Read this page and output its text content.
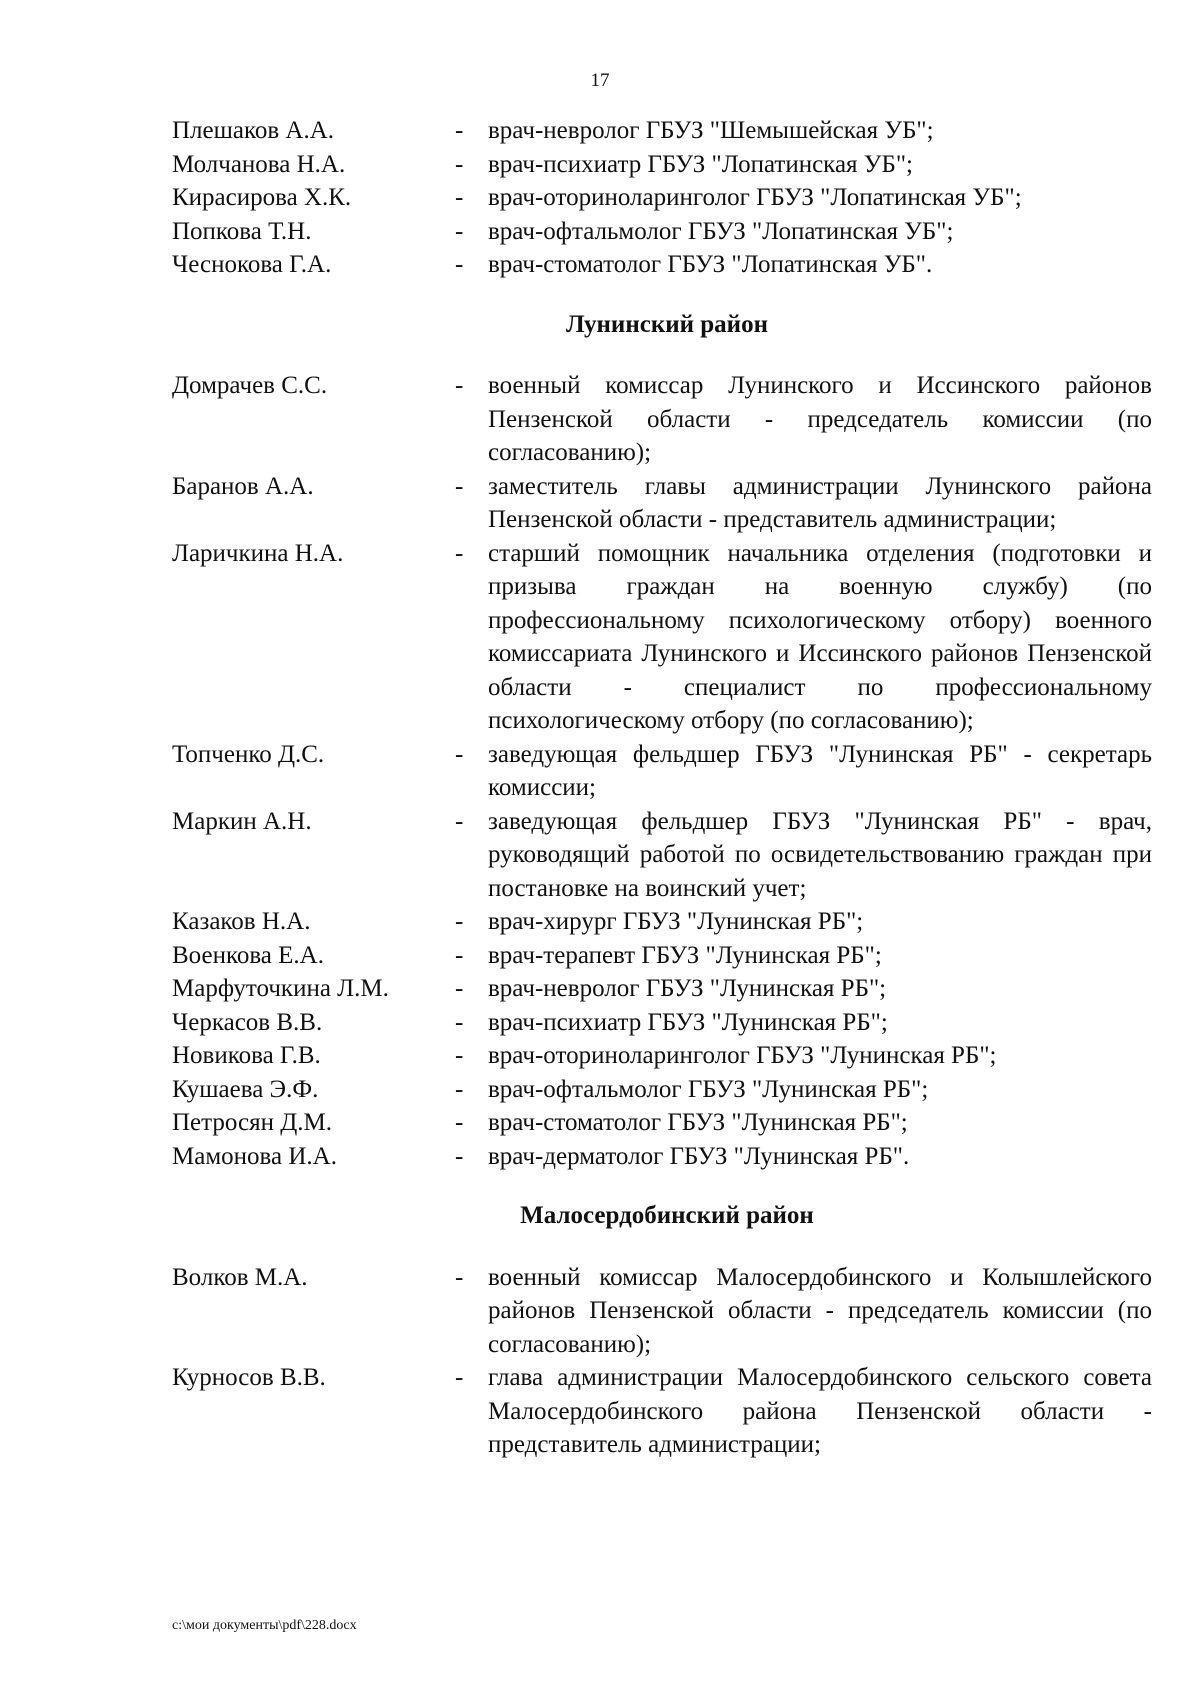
17
Плешаков А.А.	- врач-невролог ГБУЗ "Шемышейская УБ";
Молчанова Н.А.	- врач-психиатр ГБУЗ "Лопатинская УБ";
Кирасирова Х.К.	- врач-оториноларинголог ГБУЗ "Лопатинская УБ";
Попкова Т.Н.	- врач-офтальмолог ГБУЗ "Лопатинская УБ";
Чеснокова Г.А.	- врач-стоматолог ГБУЗ "Лопатинская УБ".
Лунинский район
Домрачев С.С.	- военный комиссар Лунинского и Иссинского районов Пензенской области - председатель комиссии (по согласованию);
Баранов А.А.	- заместитель главы администрации Лунинского района Пензенской области - представитель администрации;
Ларичкина Н.А.	- старший помощник начальника отделения (подготовки и призыва граждан на военную службу) (по профессиональному психологическому отбору) военного комиссариата Лунинского и Иссинского районов Пензенской области - специалист по профессиональному психологическому отбору (по согласованию);
Топченко Д.С.	- заведующая фельдшер ГБУЗ "Лунинская РБ" - секретарь комиссии;
Маркин А.Н.	- заведующая фельдшер ГБУЗ "Лунинская РБ" - врач, руководящий работой по освидетельствованию граждан при постановке на воинский учет;
Казаков Н.А.	- врач-хирург ГБУЗ "Лунинская РБ";
Военкова Е.А.	- врач-терапевт ГБУЗ "Лунинская РБ";
Марфуточкина Л.М.	- врач-невролог ГБУЗ "Лунинская РБ";
Черкасов В.В.	- врач-психиатр ГБУЗ "Лунинская РБ";
Новикова Г.В.	- врач-оториноларинголог ГБУЗ "Лунинская РБ";
Кушаева Э.Ф.	- врач-офтальмолог ГБУЗ "Лунинская РБ";
Петросян Д.М.	- врач-стоматолог ГБУЗ "Лунинская РБ";
Мамонова И.А.	- врач-дерматолог ГБУЗ "Лунинская РБ".
Малосердобинский район
Волков М.А.	- военный комиссар Малосердобинского и Колышлейского районов Пензенской области - председатель комиссии (по согласованию);
Курносов В.В.	- глава администрации Малосердобинского сельского совета Малосердобинского района Пензенской области - представитель администрации;
c:\мои документы\pdf\228.docx
